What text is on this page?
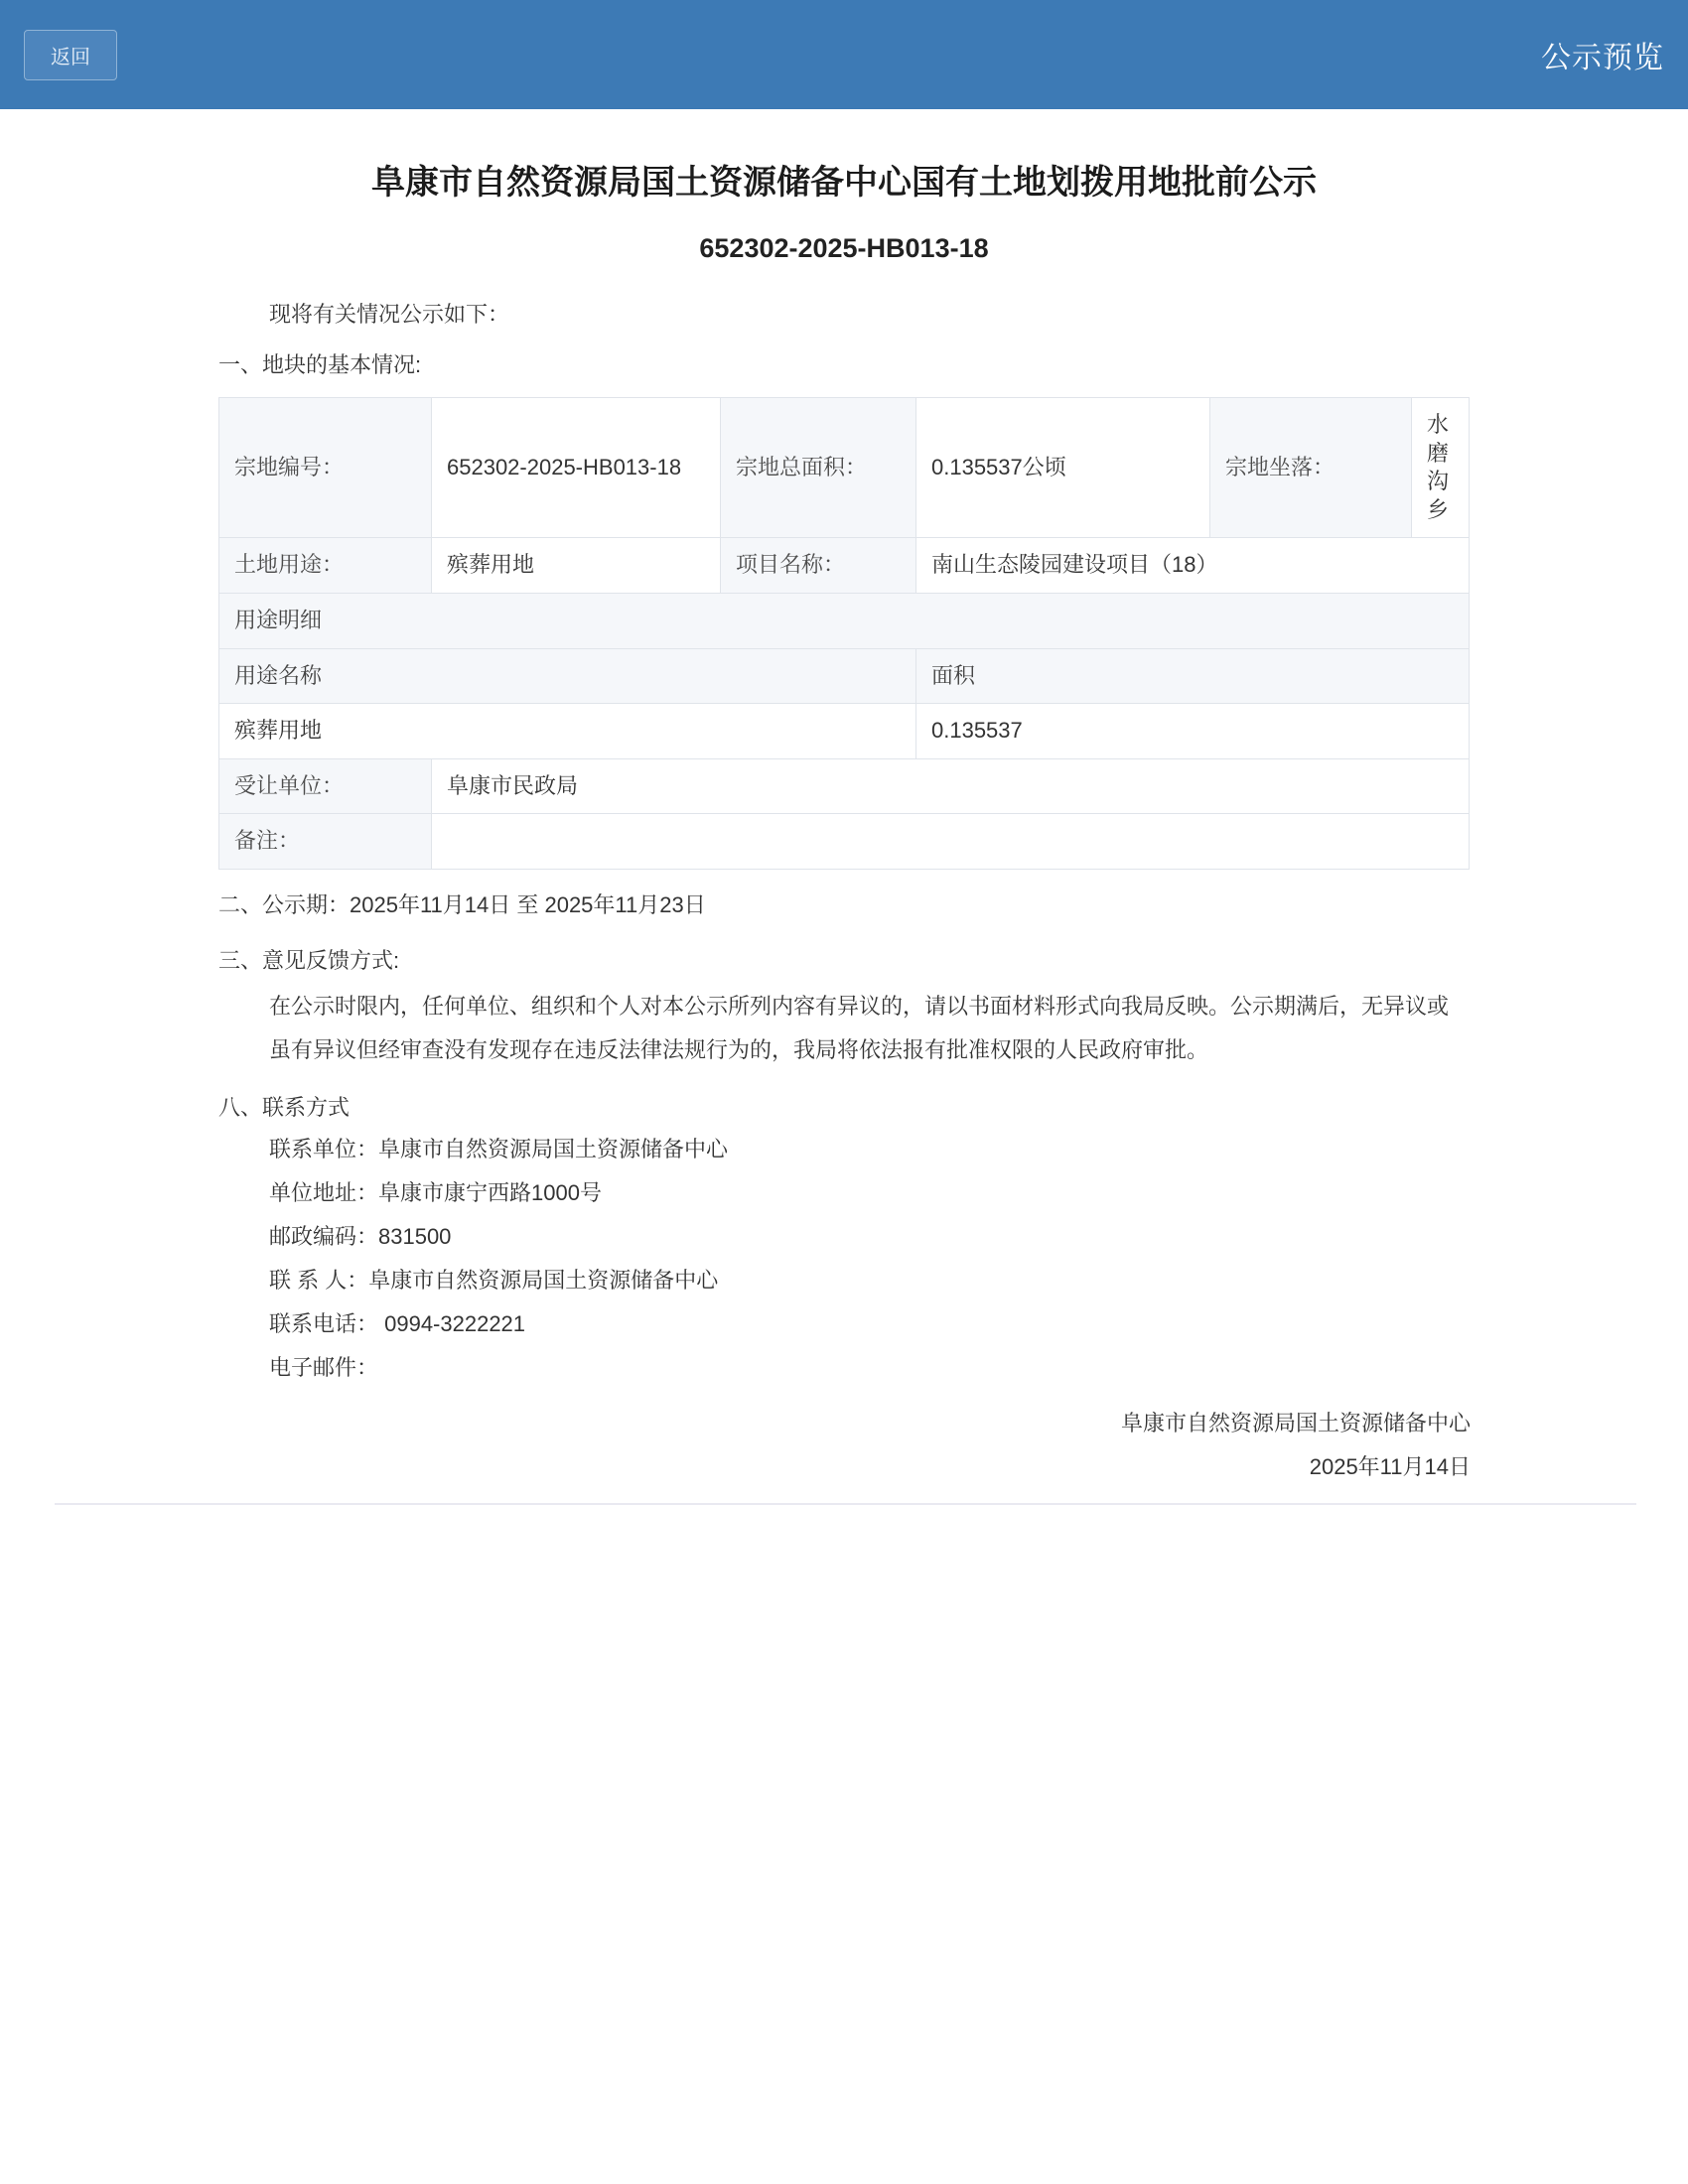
返回	公示预览
阜康市自然资源局国土资源储备中心国有土地划拨用地批前公示
652302-2025-HB013-18

现将有关情况公示如下：

一、地块的基本情况:

宗地编号：	652302-2025-HB013-18	宗地总面积：	0.135537公顷	宗地坐落：	水磨沟乡
土地用途：	殡葬用地	项目名称：	南山生态陵园建设项目（18）		
用途明细					
用途名称			面积		
殡葬用地			0.135537		
受让单位：	阜康市民政局				
备注：					

二、公示期：2025年11月14日 至 2025年11月23日

三、意见反馈方式:

在公示时限内，任何单位、组织和个人对本公示所列内容有异议的，请以书面材料形式向我局反映。公示期满后，无异议或虽有异议但经审查没有发现存在违反法律法规行为的，我局将依法报有批准权限的人民政府审批。

八、联系方式

联系单位：阜康市自然资源局国土资源储备中心

单位地址：阜康市康宁西路1000号

邮政编码：831500

联 系 人：阜康市自然资源局国土资源储备中心

联系电话： 0994-3222221

电子邮件：

阜康市自然资源局国土资源储备中心

2025年11月14日
